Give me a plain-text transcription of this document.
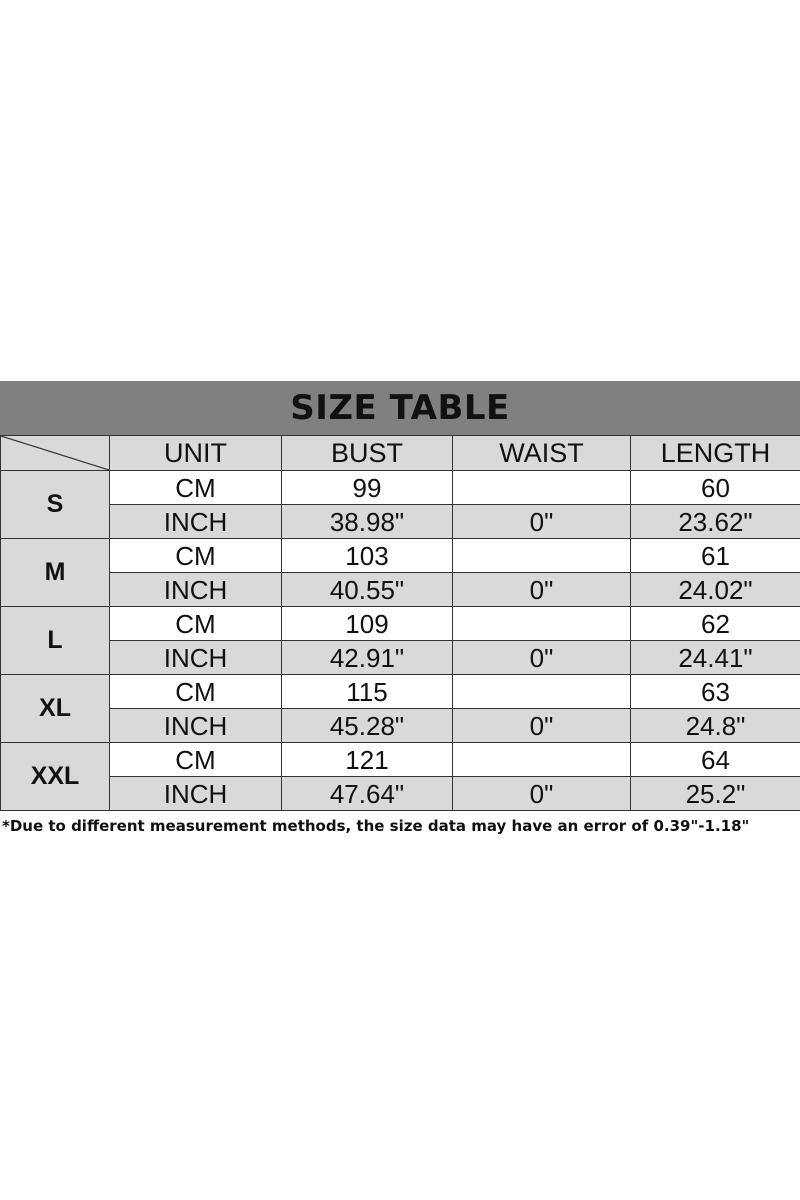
SIZE TABLE
	UNIT	BUST	WAIST	LENGTH
S	CM	99		60
	INCH	38.98"	0"	23.62"
M	CM	103		61
	INCH	40.55"	0"	24.02"
L	CM	109		62
	INCH	42.91"	0"	24.41"
XL	CM	115		63
	INCH	45.28"	0"	24.8"
XXL	CM	121		64
	INCH	47.64"	0"	25.2"
*Due to different measurement methods, the size data may have an error of 0.39"-1.18"
